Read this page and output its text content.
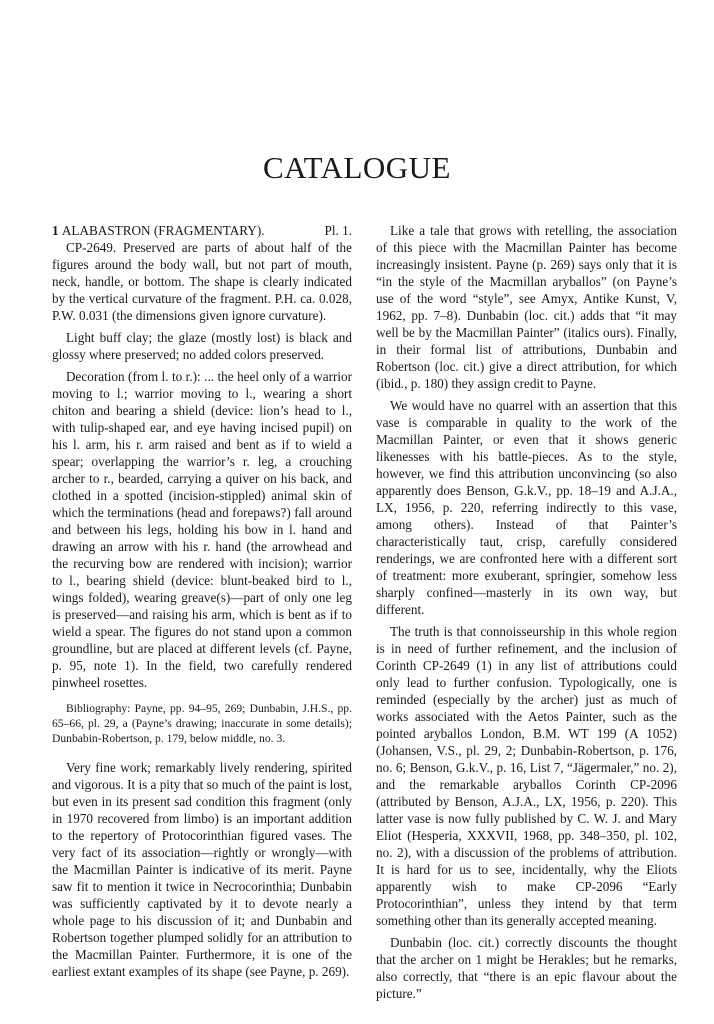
CATALOGUE
1 ALABASTRON (FRAGMENTARY).	Pl. 1.

CP-2649. Preserved are parts of about half of the figures around the body wall, but not part of mouth, neck, handle, or bottom. The shape is clearly indicated by the vertical curvature of the fragment. P.H. ca. 0.028, P.W. 0.031 (the dimensions given ignore curvature).

Light buff clay; the glaze (mostly lost) is black and glossy where preserved; no added colors preserved.

Decoration (from l. to r.): ... the heel only of a warrior moving to l.; warrior moving to l., wearing a short chiton and bearing a shield (device: lion’s head to l., with tulip-shaped ear, and eye having incised pupil) on his l. arm, his r. arm raised and bent as if to wield a spear; overlapping the warrior’s r. leg, a crouching archer to r., bearded, carrying a quiver on his back, and clothed in a spotted (incision-stippled) animal skin of which the terminations (head and forepaws?) fall around and between his legs, holding his bow in l. hand and drawing an arrow with his r. hand (the arrowhead and the recurving bow are rendered with incision); warrior to l., bearing shield (device: blunt-beaked bird to l., wings folded), wearing greave(s)—part of only one leg is preserved—and raising his arm, which is bent as if to wield a spear. The figures do not stand upon a common groundline, but are placed at different levels (cf. Payne, p. 95, note 1). In the field, two carefully rendered pinwheel rosettes.

Bibliography: Payne, pp. 94–95, 269; Dunbabin, J.H.S., pp. 65–66, pl. 29, a (Payne’s drawing; inaccurate in some details); Dunbabin-Robertson, p. 179, below middle, no. 3.

Very fine work; remarkably lively rendering, spirited and vigorous. It is a pity that so much of the paint is lost, but even in its present sad condition this fragment (only in 1970 recovered from limbo) is an important addition to the repertory of Protocorinthian figured vases. The very fact of its association—rightly or wrongly—with the Macmillan Painter is indicative of its merit. Payne saw fit to mention it twice in Necrocorinthia; Dunbabin was sufficiently captivated by it to devote nearly a whole page to his discussion of it; and Dunbabin and Robertson together plumped solidly for an attribution to the Macmillan Painter. Furthermore, it is one of the earliest extant examples of its shape (see Payne, p. 269).

Like a tale that grows with retelling, the association of this piece with the Macmillan Painter has become increasingly insistent. Payne (p. 269) says only that it is “in the style of the Macmillan aryballos” (on Payne’s use of the word “style”, see Amyx, Antike Kunst, V, 1962, pp. 7–8). Dunbabin (loc. cit.) adds that “it may well be by the Macmillan Painter” (italics ours). Finally, in their formal list of attributions, Dunbabin and Robertson (loc. cit.) give a direct attribution, for which (ibid., p. 180) they assign credit to Payne.

We would have no quarrel with an assertion that this vase is comparable in quality to the work of the Macmillan Painter, or even that it shows generic likenesses with his battle-pieces. As to the style, however, we find this attribution unconvincing (so also apparently does Benson, G.k.V., pp. 18–19 and A.J.A., LX, 1956, p. 220, referring indirectly to this vase, among others). Instead of that Painter’s characteristically taut, crisp, carefully considered renderings, we are confronted here with a different sort of treatment: more exuberant, springier, somehow less sharply confined—masterly in its own way, but different.

The truth is that connoisseurship in this whole region is in need of further refinement, and the inclusion of Corinth CP-2649 (1) in any list of attributions could only lead to further confusion. Typologically, one is reminded (especially by the archer) just as much of works associated with the Aetos Painter, such as the pointed aryballos London, B.M. WT 199 (A 1052) (Johansen, V.S., pl. 29, 2; Dunbabin-Robertson, p. 176, no. 6; Benson, G.k.V., p. 16, List 7, “Jägermaler,” no. 2), and the remarkable aryballos Corinth CP-2096 (attributed by Benson, A.J.A., LX, 1956, p. 220). This latter vase is now fully published by C. W. J. and Mary Eliot (Hesperia, XXXVII, 1968, pp. 348–350, pl. 102, no. 2), with a discussion of the problems of attribution. It is hard for us to see, incidentally, why the Eliots apparently wish to make CP-2096 “Early Protocorinthian”, unless they intend by that term something other than its generally accepted meaning.

Dunbabin (loc. cit.) correctly discounts the thought that the archer on 1 might be Herakles; but he remarks, also correctly, that “there is an epic flavour about the picture.”
